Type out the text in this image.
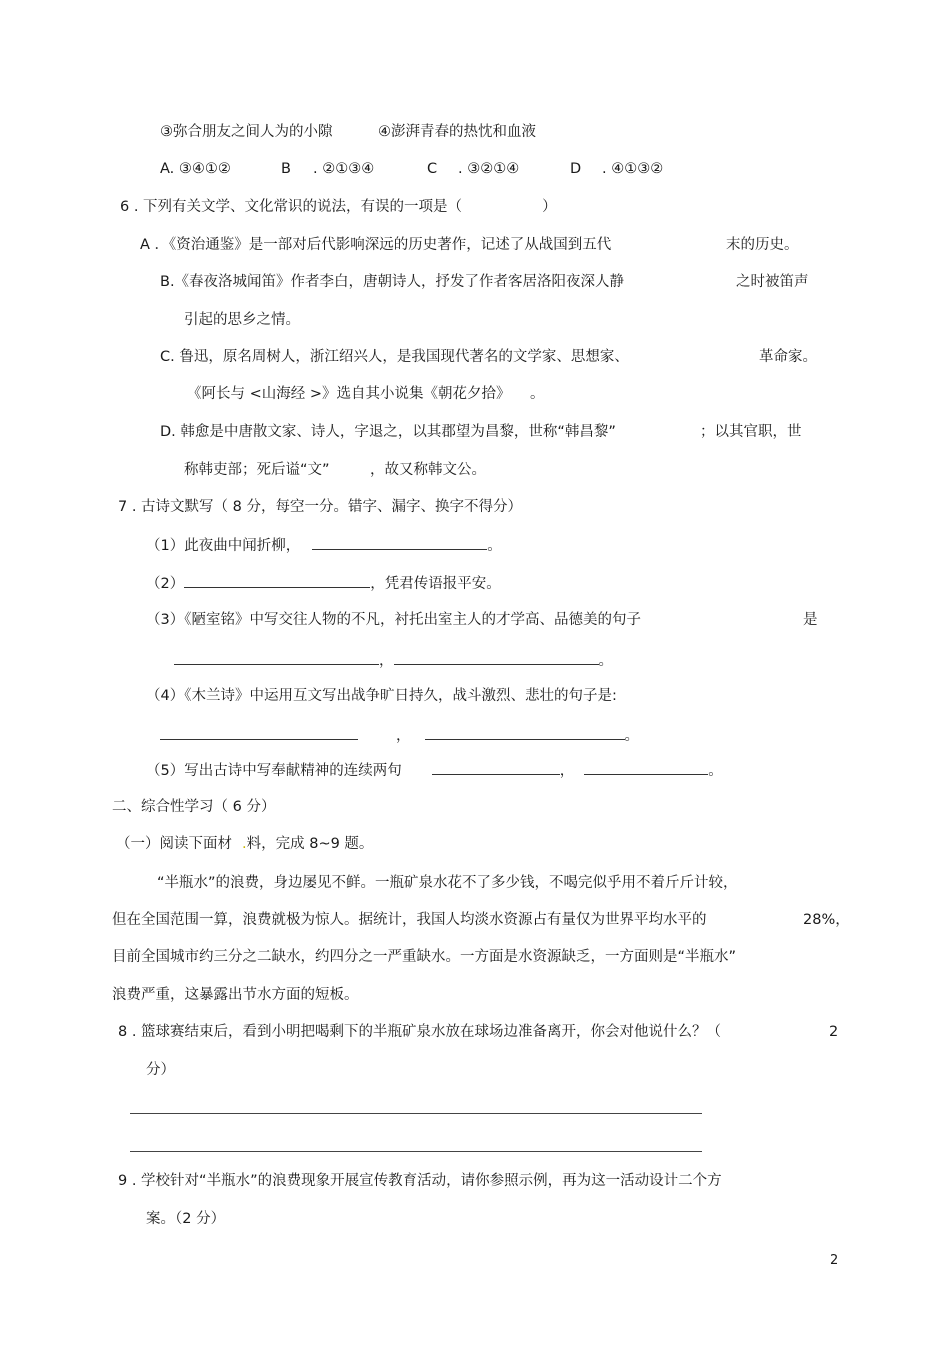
③弥合朋友之间人为的小隙	④澎湃青春的热忱和血液
A. ③④①②	B . ②①③④	C . ③②①④	D . ④①③②
6 . 下列有关文学、文化常识的说法，有误的一项是（	）
A ．《资治通鉴》是一部对后代影响深远的历史著作，记述了从战国到五代	末的历史。
B.《春夜洛城闻笛》作者李白，唐朝诗人，抒发了作者客居洛阳夜深人静	之时被笛声
引起的思乡之情。
C. 鲁迅，原名周树人，浙江绍兴人，是我国现代著名的文学家、思想家、	革命家。
《阿长与 <山海经 >》选自其小说集《朝花夕拾》 。
D. 韩愈是中唐散文家、诗人，字退之，以其郡望为昌黎，世称“韩昌黎”	；以其官职，世
称韩吏部；死后谥“文”	，故又称韩文公。
7 . 古诗文默写（ 8 分，每空一分。错字、漏字、换字不得分）
（1）此夜曲中闻折柳，	。
（2）	，凭君传语报平安。
（3）《陋室铭》中写交往人物的不凡，衬托出室主人的才学高、品德美的句子	是
，	。
（4）《木兰诗》中运用互文写出战争旷日持久，战斗激烈、悲壮的句子是:
，	。
（5）写出古诗中写奉献精神的连续两句	，	。
二、综合性学习（ 6 分）
（一）阅读下面材 .料，完成 8~9 题。
“半瓶水”的浪费，身边屡见不鲜。一瓶矿泉水花不了多少钱，不喝完似乎用不着斤斤计较，
但在全国范围一算，浪费就极为惊人。据统计，我国人均淡水资源占有量仅为世界平均水平的	28%，
目前全国城市约三分之二缺水，约四分之一严重缺水。一方面是水资源缺乏，一方面则是“半瓶水”
浪费严重，这暴露出节水方面的短板。
8 . 篮球赛结束后，看到小明把喝剩下的半瓶矿泉水放在球场边准备离开，你会对他说什么？（	2
分）
9 . 学校针对“半瓶水”的浪费现象开展宣传教育活动，请你参照示例，再为这一活动设计二个方
案。（2 分）
2
